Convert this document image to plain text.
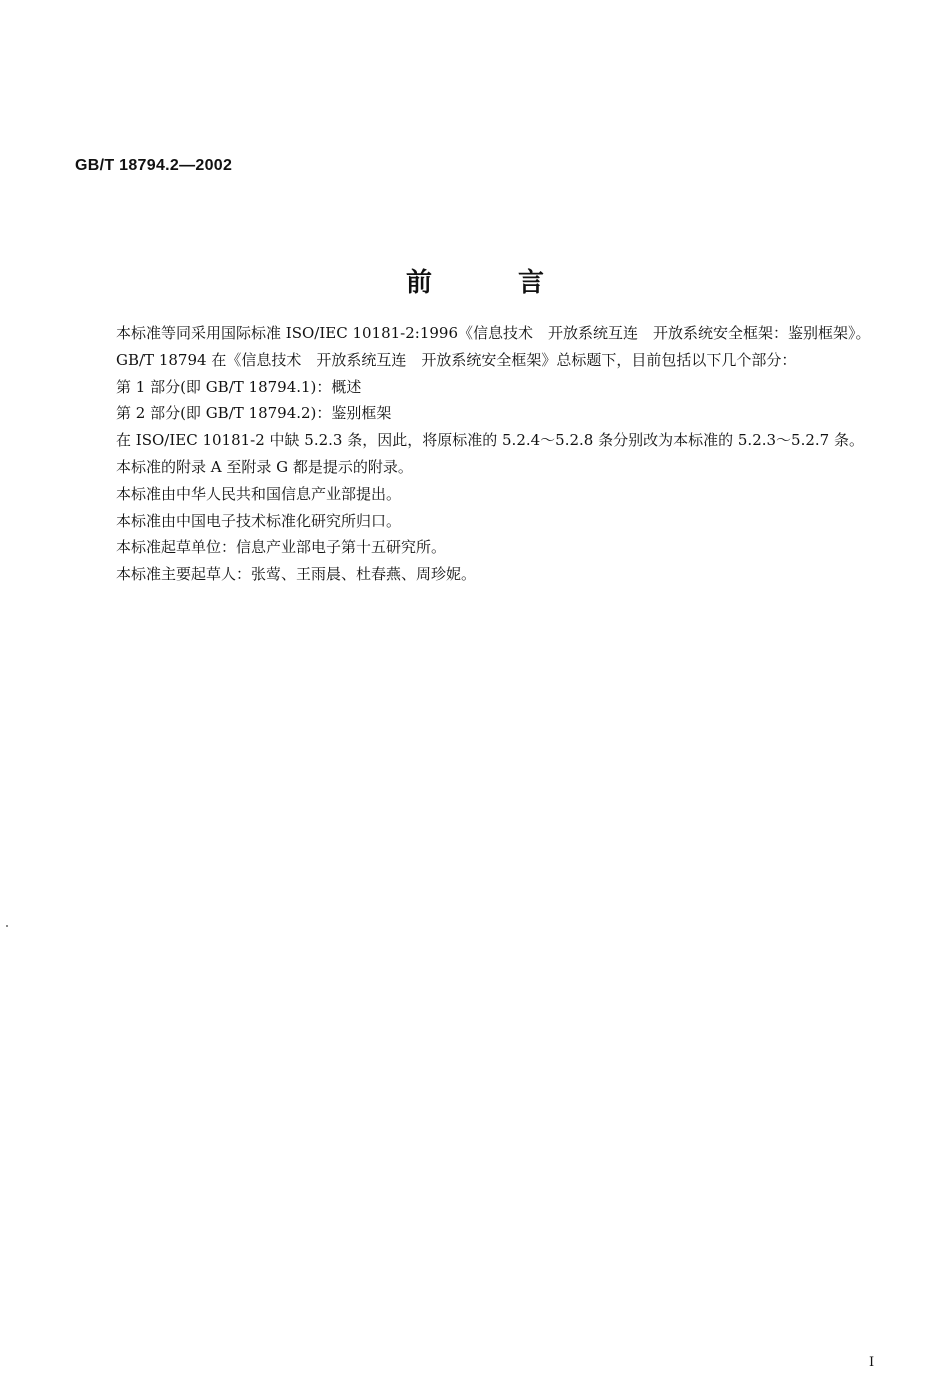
GB/T 18794.2—2002
前言

本标准等同采用国际标准 ISO/IEC 10181-2:1996《信息技术　开放系统互连　开放系统安全框架：鉴别框架》。

GB/T 18794 在《信息技术　开放系统互连　开放系统安全框架》总标题下，目前包括以下几个部分：

第 1 部分(即 GB/T 18794.1)：概述

第 2 部分(即 GB/T 18794.2)：鉴别框架

在 ISO/IEC 10181-2 中缺 5.2.3 条，因此，将原标准的 5.2.4～5.2.8 条分别改为本标准的 5.2.3～5.2.7 条。

本标准的附录 A 至附录 G 都是提示的附录。

本标准由中华人民共和国信息产业部提出。

本标准由中国电子技术标准化研究所归口。

本标准起草单位：信息产业部电子第十五研究所。

本标准主要起草人：张莺、王雨晨、杜春燕、周珍妮。

I
